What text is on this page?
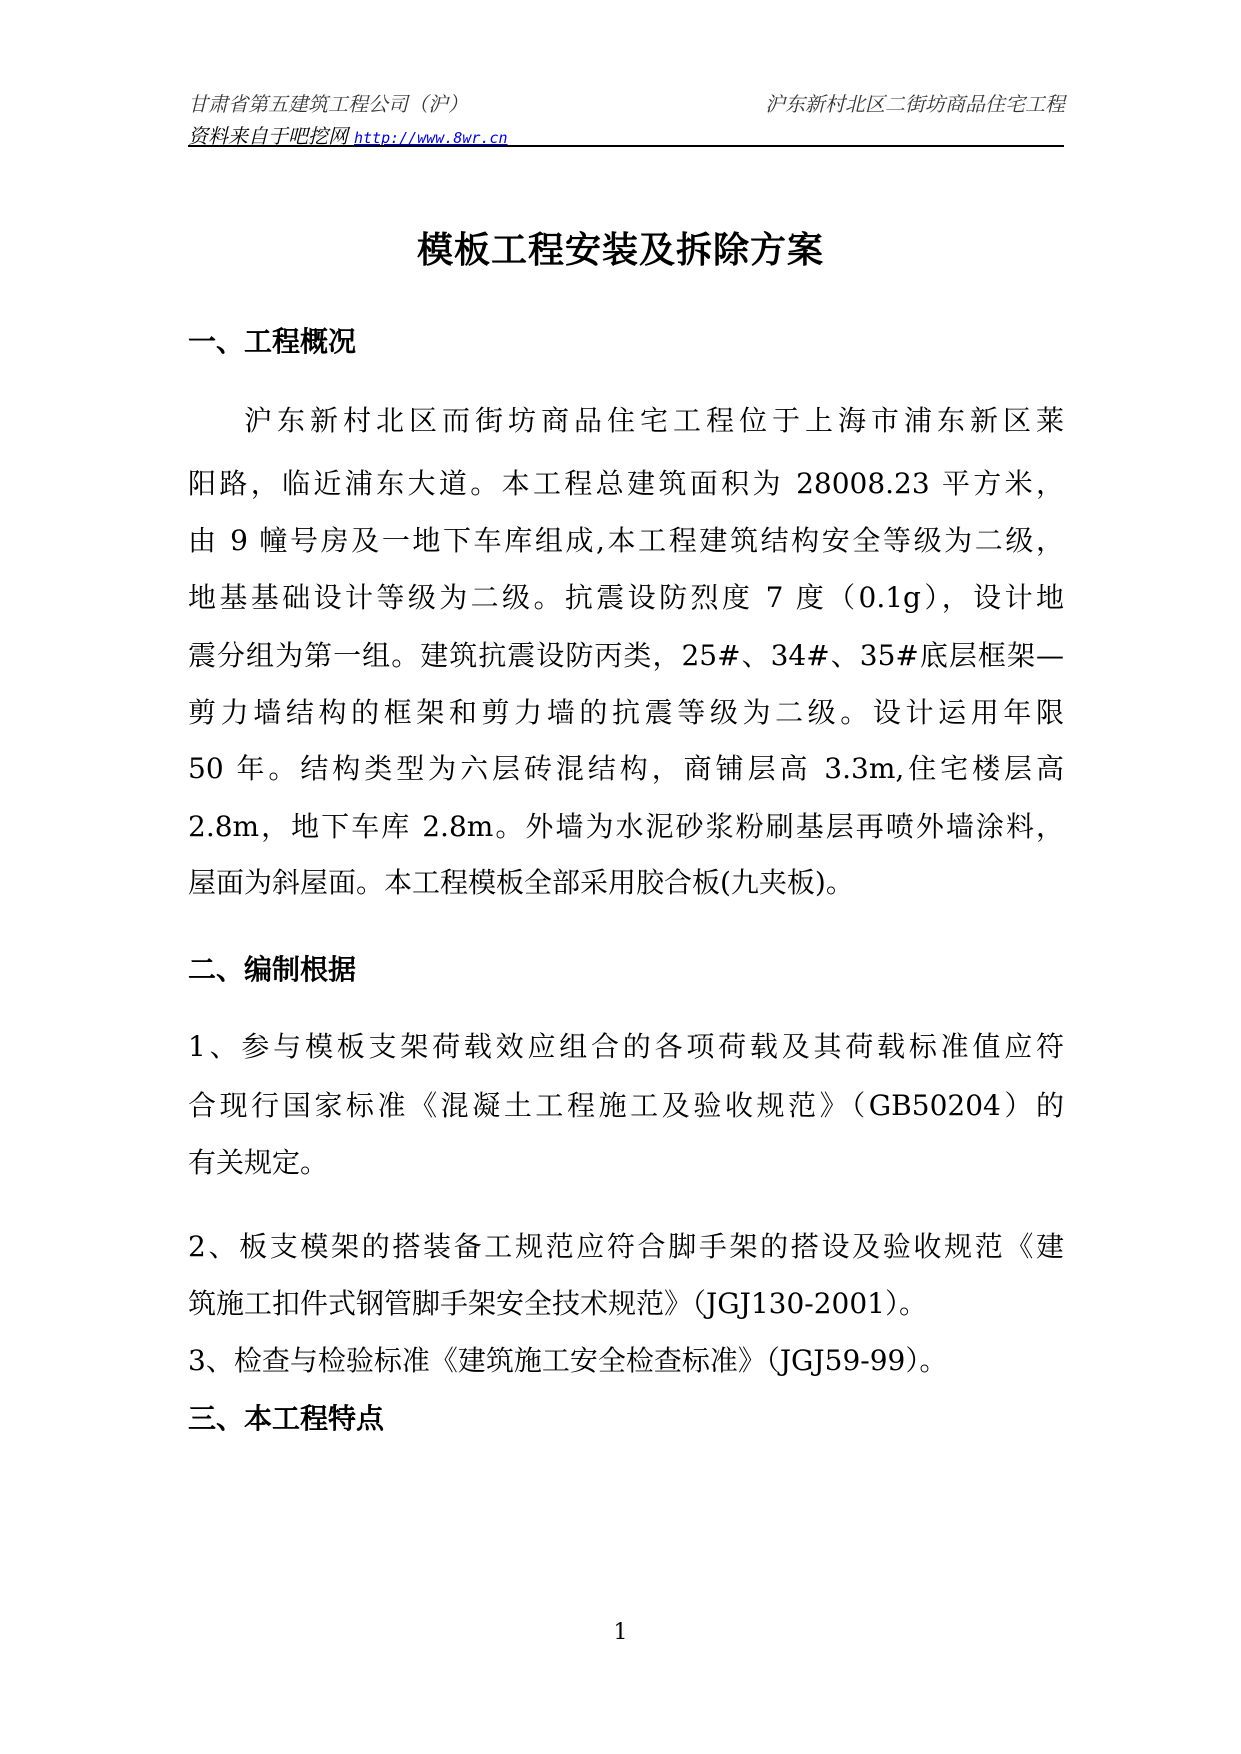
甘肃省第五建筑工程公司（沪）	沪东新村北区二街坊商品住宅工程
资料来自于吧挖网 http://www.8wr.cn
模板工程安装及拆除方案
一、工程概况
沪东新村北区而街坊商品住宅工程位于上海市浦东新区莱
阳路，临近浦东大道。本工程总建筑面积为 28008.23 平方米，
由 9 幢号房及一地下车库组成,本工程建筑结构安全等级为二级，
地基基础设计等级为二级。抗震设防烈度 7 度（0.1g），设计地
震分组为第一组。建筑抗震设防丙类，25#、34#、35#底层框架—
剪力墙结构的框架和剪力墙的抗震等级为二级。设计运用年限
50 年。结构类型为六层砖混结构，商铺层高 3.3m,住宅楼层高
2.8m，地下车库 2.8m。外墙为水泥砂浆粉刷基层再喷外墙涂料，
屋面为斜屋面。本工程模板全部采用胶合板(九夹板)。
二、编制根据
1、参与模板支架荷载效应组合的各项荷载及其荷载标准值应符
合现行国家标准《混凝土工程施工及验收规范》（GB50204）的
有关规定。
2、板支模架的搭装备工规范应符合脚手架的搭设及验收规范《建
筑施工扣件式钢管脚手架安全技术规范》（JGJ130-2001）。
3、检查与检验标准《建筑施工安全检查标准》（JGJ59-99）。
三、本工程特点
1
